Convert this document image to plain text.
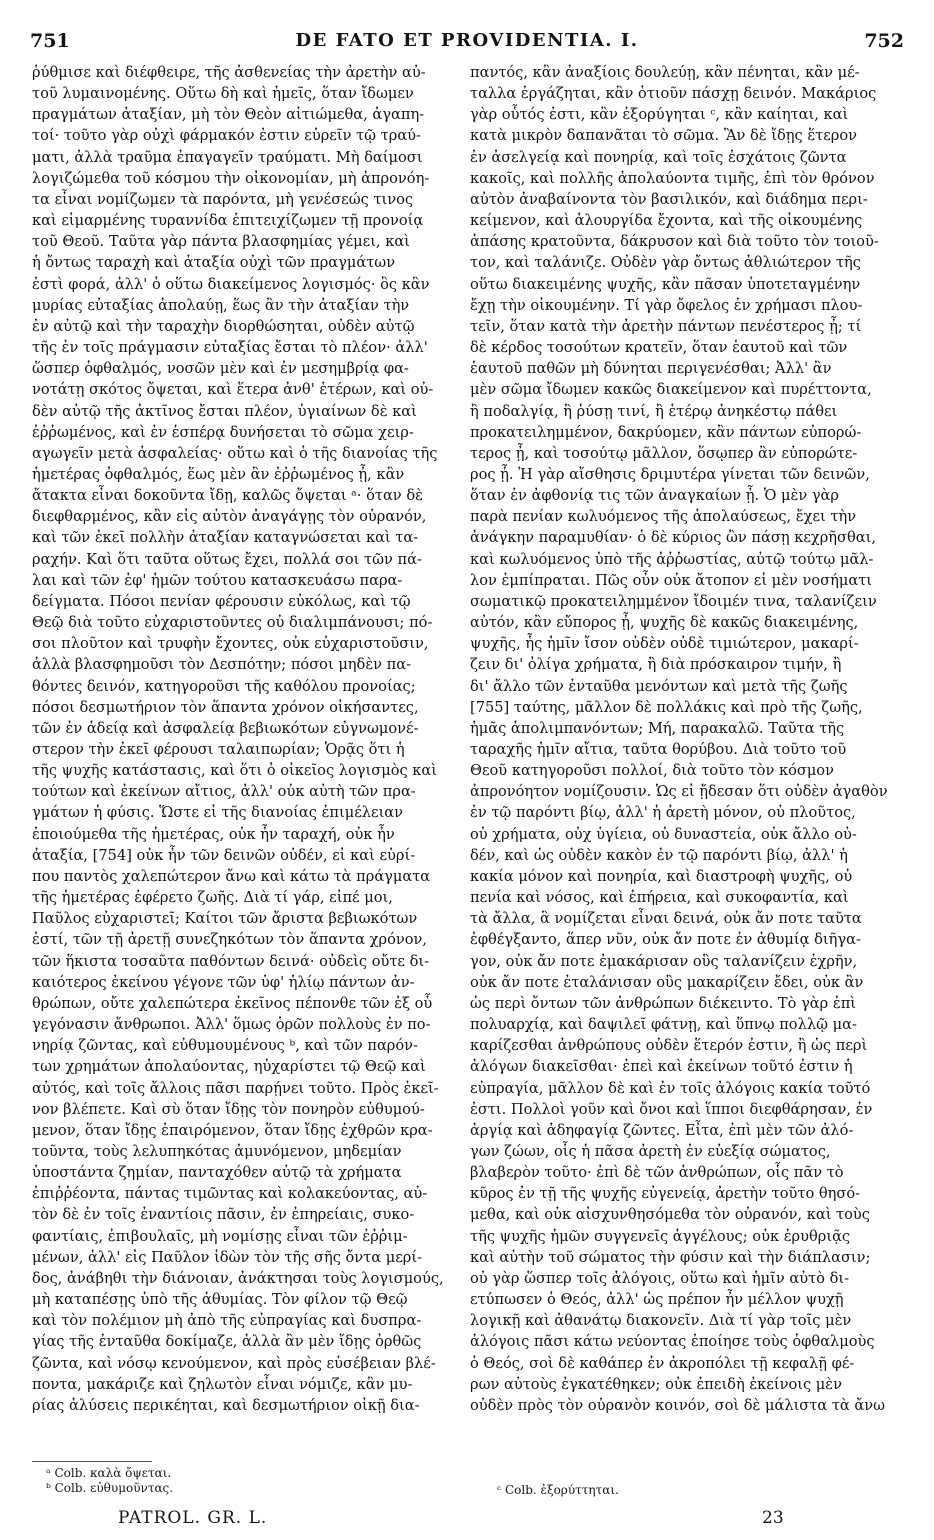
751	DE FATO ET PROVIDENTIA. I.	752

ῥύθμισε καὶ διέφθειρε, τῆς ἀσθενείας τὴν ἀρετὴν αὐ-

τοῦ λυμαινομένης. Οὕτω δὴ καὶ ἡμεῖς, ὅταν ἴδωμεν

πραγμάτων ἀταξίαν, μὴ τὸν Θεὸν αἰτιώμεθα, ἀγαπη-

τοί· τοῦτο γὰρ οὐχὶ φάρμακόν ἐστιν εὑρεῖν τῷ τραύ-

ματι, ἀλλὰ τραῦμα ἐπαγαγεῖν τραύματι. Μὴ δαίμοσι

λογιζώμεθα τοῦ κόσμου τὴν οἰκονομίαν, μὴ ἀπρονόη-

τα εἶναι νομίζωμεν τὰ παρόντα, μὴ γενέσεώς τινος

καὶ εἱμαρμένης τυραννίδα ἐπιτειχίζωμεν τῇ προνοίᾳ

τοῦ Θεοῦ. Ταῦτα γὰρ πάντα βλασφημίας γέμει, καὶ

ἡ ὄντως ταραχὴ καὶ ἀταξία οὐχὶ τῶν πραγμάτων

ἐστὶ φορά, ἀλλ' ὁ οὕτω διακείμενος λογισμός· ὃς κἂν

μυρίας εὐταξίας ἀπολαύῃ, ἕως ἂν τὴν ἀταξίαν τὴν

ἐν αὐτῷ καὶ τὴν ταραχὴν διορθώσηται, οὐδὲν αὐτῷ

τῆς ἐν τοῖς πράγμασιν εὐταξίας ἔσται τὸ πλέον· ἀλλ'

ὥσπερ ὀφθαλμός, νοσῶν μὲν καὶ ἐν μεσημβρίᾳ φα-

νοτάτῃ σκότος ὄψεται, καὶ ἕτερα ἀνθ' ἑτέρων, καὶ οὐ-

δὲν αὐτῷ τῆς ἀκτῖνος ἔσται πλέον, ὑγιαίνων δὲ καὶ

ἐῤῥωμένος, καὶ ἐν ἑσπέρᾳ δυνήσεται τὸ σῶμα χειρ-

αγωγεῖν μετὰ ἀσφαλείας· οὕτω καὶ ὁ τῆς διανοίας τῆς

ἡμετέρας ὀφθαλμός, ἕως μὲν ἂν ἐῤῥωμένος ᾖ, κἂν

ἄτακτα εἶναι δοκοῦντα ἴδῃ, καλῶς ὄψεται ᵃ· ὅταν δὲ

διεφθαρμένος, κἂν εἰς αὐτὸν ἀναγάγῃς τὸν οὐρανόν,

καὶ τῶν ἐκεῖ πολλὴν ἀταξίαν καταγνώσεται καὶ τα-

ραχήν. Καὶ ὅτι ταῦτα οὕτως ἔχει, πολλά σοι τῶν πά-

λαι καὶ τῶν ἐφ' ἡμῶν τούτου κατασκευάσω παρα-

δείγματα. Πόσοι πενίαν φέρουσιν εὐκόλως, καὶ τῷ

Θεῷ διὰ τοῦτο εὐχαριστοῦντες οὐ διαλιμπάνουσι; πό-

σοι πλοῦτον καὶ τρυφὴν ἔχοντες, οὐκ εὐχαριστοῦσιν,

ἀλλὰ βλασφημοῦσι τὸν Δεσπότην; πόσοι μηδὲν πα-

θόντες δεινόν, κατηγοροῦσι τῆς καθόλου προνοίας;

πόσοι δεσμωτήριον τὸν ἅπαντα χρόνον οἰκήσαντες,

τῶν ἐν ἀδείᾳ καὶ ἀσφαλείᾳ βεβιωκότων εὐγνωμονέ-

στερον τὴν ἐκεῖ φέρουσι ταλαιπωρίαν; Ὁρᾷς ὅτι ἡ

τῆς ψυχῆς κατάστασις, καὶ ὅτι ὁ οἰκεῖος λογισμὸς καὶ

τούτων καὶ ἐκείνων αἴτιος, ἀλλ' οὐκ αὐτὴ τῶν πρα-

γμάτων ἡ φύσις. Ὥστε εἰ τῆς διανοίας ἐπιμέλειαν

ἐποιούμεθα τῆς ἡμετέρας, οὐκ ἦν ταραχή, οὐκ ἦν

ἀταξία, [754] οὐκ ἦν τῶν δεινῶν οὐδέν, εἰ καὶ εὑρί-

που παντὸς χαλεπώτερον ἄνω καὶ κάτω τὰ πράγματα

τῆς ἡμετέρας ἐφέρετο ζωῆς. Διὰ τί γάρ, εἰπέ μοι,

Παῦλος εὐχαριστεῖ; Καίτοι τῶν ἄριστα βεβιωκότων

ἐστί, τῶν τῇ ἀρετῇ συνεζηκότων τὸν ἅπαντα χρόνον,

τῶν ἥκιστα τοσαῦτα παθόντων δεινά· οὐδεὶς οὔτε δι-

καιότερος ἐκείνου γέγονε τῶν ὑφ' ἡλίῳ πάντων ἀν-

θρώπων, οὔτε χαλεπώτερα ἐκεῖνος πέπονθε τῶν ἐξ οὗ

γεγόνασιν ἄνθρωποι. Ἀλλ' ὅμως ὁρῶν πολλοὺς ἐν πο-

νηρίᾳ ζῶντας, καὶ εὐθυμουμένους ᵇ, καὶ τῶν παρόν-

των χρημάτων ἀπολαύοντας, ηὐχαρίστει τῷ Θεῷ καὶ

αὐτός, καὶ τοῖς ἄλλοις πᾶσι παρῄνει τοῦτο. Πρὸς ἐκεῖ-

νον βλέπετε. Καὶ σὺ ὅταν ἴδῃς τὸν πονηρὸν εὐθυμού-

μενον, ὅταν ἴδῃς ἐπαιρόμενον, ὅταν ἴδῃς ἐχθρῶν κρα-

τοῦντα, τοὺς λελυπηκότας ἀμυνόμενον, μηδεμίαν

ὑποστάντα ζημίαν, πανταχόθεν αὐτῷ τὰ χρήματα

ἐπιῤῥέοντα, πάντας τιμῶντας καὶ κολακεύοντας, αὐ-

τὸν δὲ ἐν τοῖς ἐναντίοις πᾶσιν, ἐν ἐπηρείαις, συκο-

φαντίαις, ἐπιβουλαῖς, μὴ νομίσῃς εἶναι τῶν ἐῤῥιμ-

μένων, ἀλλ' εἰς Παῦλον ἰδὼν τὸν τῆς σῆς ὄντα μερί-

δος, ἀνάβηθι τὴν διάνοιαν, ἀνάκτησαι τοὺς λογισμούς,

μὴ καταπέσῃς ὑπὸ τῆς ἀθυμίας. Τὸν φίλον τῷ Θεῷ

καὶ τὸν πολέμιον μὴ ἀπὸ τῆς εὐπραγίας καὶ δυσπρα-

γίας τῆς ἐνταῦθα δοκίμαζε, ἀλλὰ ἂν μὲν ἴδῃς ὀρθῶς

ζῶντα, καὶ νόσῳ κενούμενον, καὶ πρὸς εὐσέβειαν βλέ-

ποντα, μακάριζε καὶ ζηλωτὸν εἶναι νόμιζε, κἂν μυ-

ρίας ἁλύσεις περικέηται, καὶ δεσμωτήριον οἰκῇ δια-

παντός, κἂν ἀναξίοις δουλεύῃ, κἂν πένηται, κἂν μέ-

ταλλα ἐργάζηται, κἂν ὁτιοῦν πάσχῃ δεινόν. Μακάριος

γὰρ οὗτός ἐστι, κἂν ἐξορύγηται ᶜ, κἂν καίηται, καὶ

κατὰ μικρὸν δαπανᾶται τὸ σῶμα. Ἂν δὲ ἴδῃς ἕτερον

ἐν ἀσελγείᾳ καὶ πονηρίᾳ, καὶ τοῖς ἐσχάτοις ζῶντα

κακοῖς, καὶ πολλῆς ἀπολαύοντα τιμῆς, ἐπὶ τὸν θρόνον

αὐτὸν ἀναβαίνοντα τὸν βασιλικόν, καὶ διάδημα περι-

κείμενον, καὶ ἁλουργίδα ἔχοντα, καὶ τῆς οἰκουμένης

ἁπάσης κρατοῦντα, δάκρυσον καὶ διὰ τοῦτο τὸν τοιοῦ-

τον, καὶ ταλάνιζε. Οὐδὲν γὰρ ὄντως ἀθλιώτερον τῆς

οὕτω διακειμένης ψυχῆς, κἂν πᾶσαν ὑποτεταγμένην

ἔχῃ τὴν οἰκουμένην. Τί γὰρ ὄφελος ἐν χρήμασι πλου-

τεῖν, ὅταν κατὰ τὴν ἀρετὴν πάντων πενέστερος ᾖ; τί

δὲ κέρδος τοσούτων κρατεῖν, ὅταν ἑαυτοῦ καὶ τῶν

ἑαυτοῦ παθῶν μὴ δύνηται περιγενέσθαι; Ἀλλ' ἂν

μὲν σῶμα ἴδωμεν κακῶς διακείμενον καὶ πυρέττοντα,

ἢ ποδαλγίᾳ, ἢ ῥύσῃ τινί, ἢ ἑτέρῳ ἀνηκέστῳ πάθει

προκατειλημμένον, δακρύομεν, κἂν πάντων εὐπορώ-

τερος ᾖ, καὶ τοσούτῳ μᾶλλον, ὅσῳπερ ἂν εὐπορώτε-

ρος ᾖ. Ἡ γὰρ αἴσθησις δριμυτέρα γίνεται τῶν δεινῶν,

ὅταν ἐν ἀφθονίᾳ τις τῶν ἀναγκαίων ᾖ. Ὁ μὲν γὰρ

παρὰ πενίαν κωλυόμενος τῆς ἀπολαύσεως, ἔχει τὴν

ἀνάγκην παραμυθίαν· ὁ δὲ κύριος ὢν πάσῃ κεχρῆσθαι,

καὶ κωλυόμενος ὑπὸ τῆς ἀῤῥωστίας, αὐτῷ τούτῳ μᾶλ-

λον ἐμπίπραται. Πῶς οὖν οὐκ ἄτοπον εἰ μὲν νοσήματι

σωματικῷ προκατειλημμένον ἴδοιμέν τινα, ταλανίζειν

αὐτόν, κἂν εὔπορος ᾖ, ψυχῆς δὲ κακῶς διακειμένης,

ψυχῆς, ἧς ἡμῖν ἴσον οὐδὲν οὐδὲ τιμιώτερον, μακαρί-

ζειν δι' ὀλίγα χρήματα, ἢ διὰ πρόσκαιρον τιμήν, ἢ

δι' ἄλλο τῶν ἐνταῦθα μενόντων καὶ μετὰ τῆς ζωῆς

[755] ταύτης, μᾶλλον δὲ πολλάκις καὶ πρὸ τῆς ζωῆς,

ἡμᾶς ἀπολιμπανόντων; Μή, παρακαλῶ. Ταῦτα τῆς

ταραχῆς ἡμῖν αἴτια, ταῦτα θορύβου. Διὰ τοῦτο τοῦ

Θεοῦ κατηγοροῦσι πολλοί, διὰ τοῦτο τὸν κόσμον

ἀπρονόητον νομίζουσιν. Ὡς εἰ ᾔδεσαν ὅτι οὐδὲν ἀγαθὸν

ἐν τῷ παρόντι βίῳ, ἀλλ' ἡ ἀρετὴ μόνον, οὐ πλοῦτος,

οὐ χρήματα, οὐχ ὑγίεια, οὐ δυναστεία, οὐκ ἄλλο οὐ-

δέν, καὶ ὡς οὐδὲν κακὸν ἐν τῷ παρόντι βίῳ, ἀλλ' ἡ

κακία μόνον καὶ πονηρία, καὶ διαστροφὴ ψυχῆς, οὐ

πενία καὶ νόσος, καὶ ἐπήρεια, καὶ συκοφαντία, καὶ

τὰ ἄλλα, ἃ νομίζεται εἶναι δεινά, οὐκ ἄν ποτε ταῦτα

ἐφθέγξαντο, ἅπερ νῦν, οὐκ ἄν ποτε ἐν ἀθυμίᾳ διῆγα-

γον, οὐκ ἄν ποτε ἐμακάρισαν οὓς ταλανίζειν ἐχρῆν,

οὐκ ἄν ποτε ἐταλάνισαν οὓς μακαρίζειν ἔδει, οὐκ ἂν

ὡς περὶ ὄντων τῶν ἀνθρώπων διέκειντο. Τὸ γὰρ ἐπὶ

πολυαρχίᾳ, καὶ δαψιλεῖ φάτνῃ, καὶ ὕπνῳ πολλῷ μα-

καρίζεσθαι ἀνθρώπους οὐδὲν ἕτερόν ἐστιν, ἢ ὡς περὶ

ἀλόγων διακεῖσθαι· ἐπεὶ καὶ ἐκείνων τοῦτό ἐστιν ἡ

εὐπραγία, μᾶλλον δὲ καὶ ἐν τοῖς ἀλόγοις κακία τοῦτό

ἐστι. Πολλοὶ γοῦν καὶ ὄνοι καὶ ἵπποι διεφθάρησαν, ἐν

ἀργίᾳ καὶ ἀδηφαγίᾳ ζῶντες. Εἶτα, ἐπὶ μὲν τῶν ἀλό-

γων ζώων, οἷς ἡ πᾶσα ἀρετὴ ἐν εὐεξίᾳ σώματος,

βλαβερὸν τοῦτο· ἐπὶ δὲ τῶν ἀνθρώπων, οἷς πᾶν τὸ

κῦρος ἐν τῇ τῆς ψυχῆς εὐγενείᾳ, ἀρετὴν τοῦτο θησό-

μεθα, καὶ οὐκ αἰσχυνθησόμεθα τὸν οὐρανόν, καὶ τοὺς

τῆς ψυχῆς ἡμῶν συγγενεῖς ἀγγέλους; οὐκ ἐρυθριᾷς

καὶ αὐτὴν τοῦ σώματος τὴν φύσιν καὶ τὴν διάπλασιν;

οὐ γὰρ ὥσπερ τοῖς ἀλόγοις, οὕτω καὶ ἡμῖν αὐτὸ δι-

ετύπωσεν ὁ Θεός, ἀλλ' ὡς πρέπον ἦν μέλλον ψυχῇ

λογικῇ καὶ ἀθανάτῳ διακονεῖν. Διὰ τί γὰρ τοῖς μὲν

ἀλόγοις πᾶσι κάτω νεύοντας ἐποίησε τοὺς ὀφθαλμοὺς

ὁ Θεός, σοὶ δὲ καθάπερ ἐν ἀκροπόλει τῇ κεφαλῇ φέ-

ρων αὐτοὺς ἐγκατέθηκεν; οὐκ ἐπειδὴ ἐκείνοις μὲν

οὐδὲν πρὸς τὸν οὐρανὸν κοινόν, σοὶ δὲ μάλιστα τὰ ἄνω

ᵃ Colb. καλὰ ὄψεται.

ᵇ Colb. εὐθυμοῦντας.	ᶜ Colb. ἐξορύττηται.

PATROL. GR. L.	23
